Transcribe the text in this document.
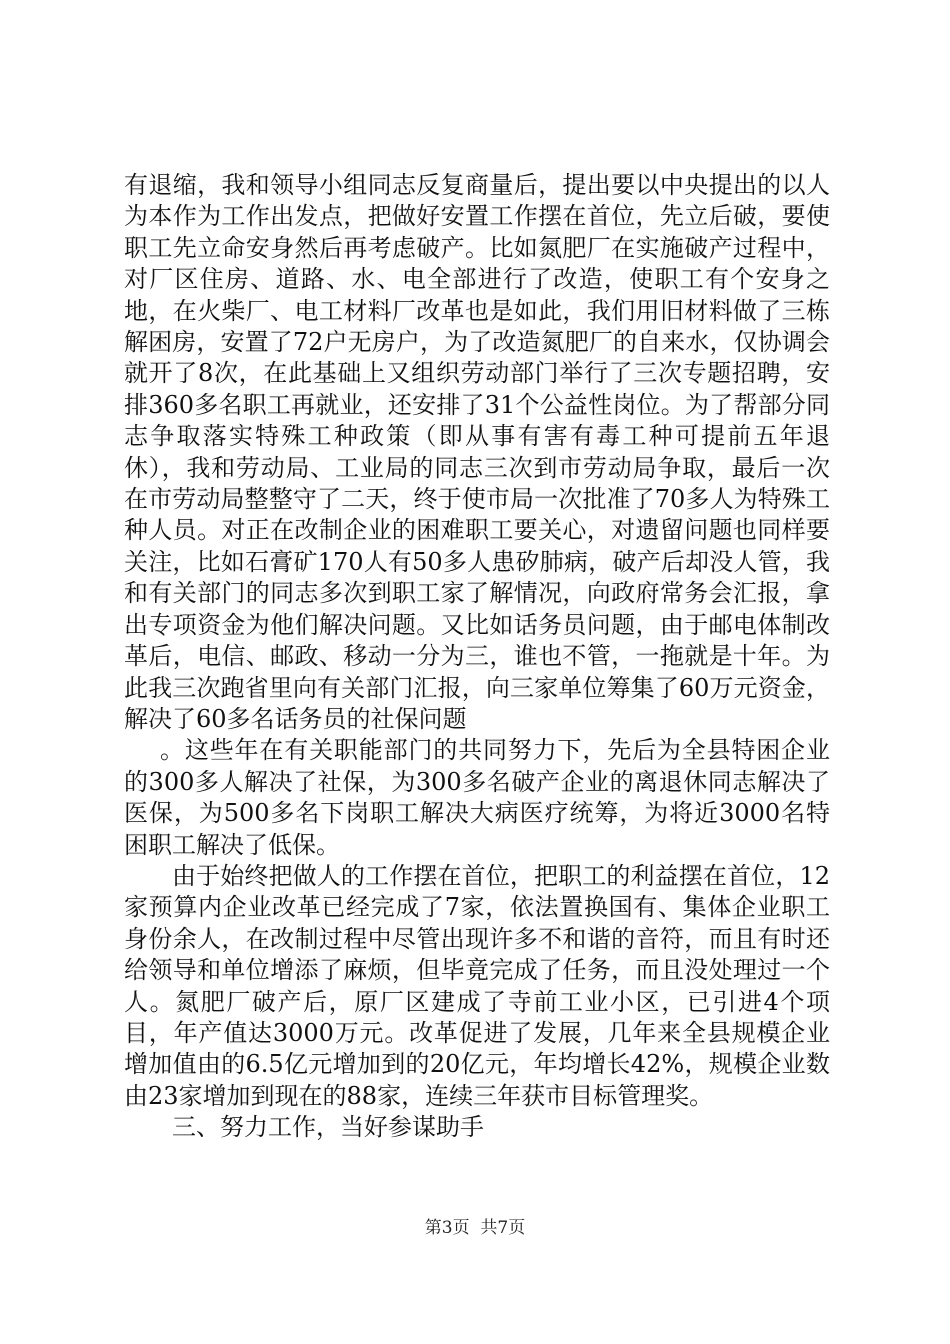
有退缩，我和领导小组同志反复商量后，提出要以中央提出的以人为本作为工作出发点，把做好安置工作摆在首位，先立后破，要使职工先立命安身然后再考虑破产。比如氮肥厂在实施破产过程中，对厂区住房、道路、水、电全部进行了改造，使职工有个安身之地，在火柴厂、电工材料厂改革也是如此，我们用旧材料做了三栋解困房，安置了72户无房户，为了改造氮肥厂的自来水，仅协调会就开了8次，在此基础上又组织劳动部门举行了三次专题招聘，安排360多名职工再就业，还安排了31个公益性岗位。为了帮部分同志争取落实特殊工种政策（即从事有害有毒工种可提前五年退休），我和劳动局、工业局的同志三次到市劳动局争取，最后一次在市劳动局整整守了二天，终于使市局一次批准了70多人为特殊工种人员。对正在改制企业的困难职工要关心，对遗留问题也同样要关注，比如石膏矿170人有50多人患矽肺病，破产后却没人管，我和有关部门的同志多次到职工家了解情况，向政府常务会汇报，拿出专项资金为他们解决问题。又比如话务员问题，由于邮电体制改革后，电信、邮政、移动一分为三，谁也不管，一拖就是十年。为此我三次跑省里向有关部门汇报，向三家单位筹集了60万元资金，解决了60多名话务员的社保问题

。这些年在有关职能部门的共同努力下，先后为全县特困企业的300多人解决了社保，为300多名破产企业的离退休同志解决了医保，为500多名下岗职工解决大病医疗统筹，为将近3000名特困职工解决了低保。

由于始终把做人的工作摆在首位，把职工的利益摆在首位，12家预算内企业改革已经完成了7家，依法置换国有、集体企业职工身份余人，在改制过程中尽管出现许多不和谐的音符，而且有时还给领导和单位增添了麻烦，但毕竟完成了任务，而且没处理过一个人。氮肥厂破产后，原厂区建成了寺前工业小区，已引进4个项目，年产值达3000万元。改革促进了发展，几年来全县规模企业增加值由的6.5亿元增加到的20亿元，年均增长42%，规模企业数由23家增加到现在的88家，连续三年获市目标管理奖。

三、努力工作，当好参谋助手

第3页  共7页
